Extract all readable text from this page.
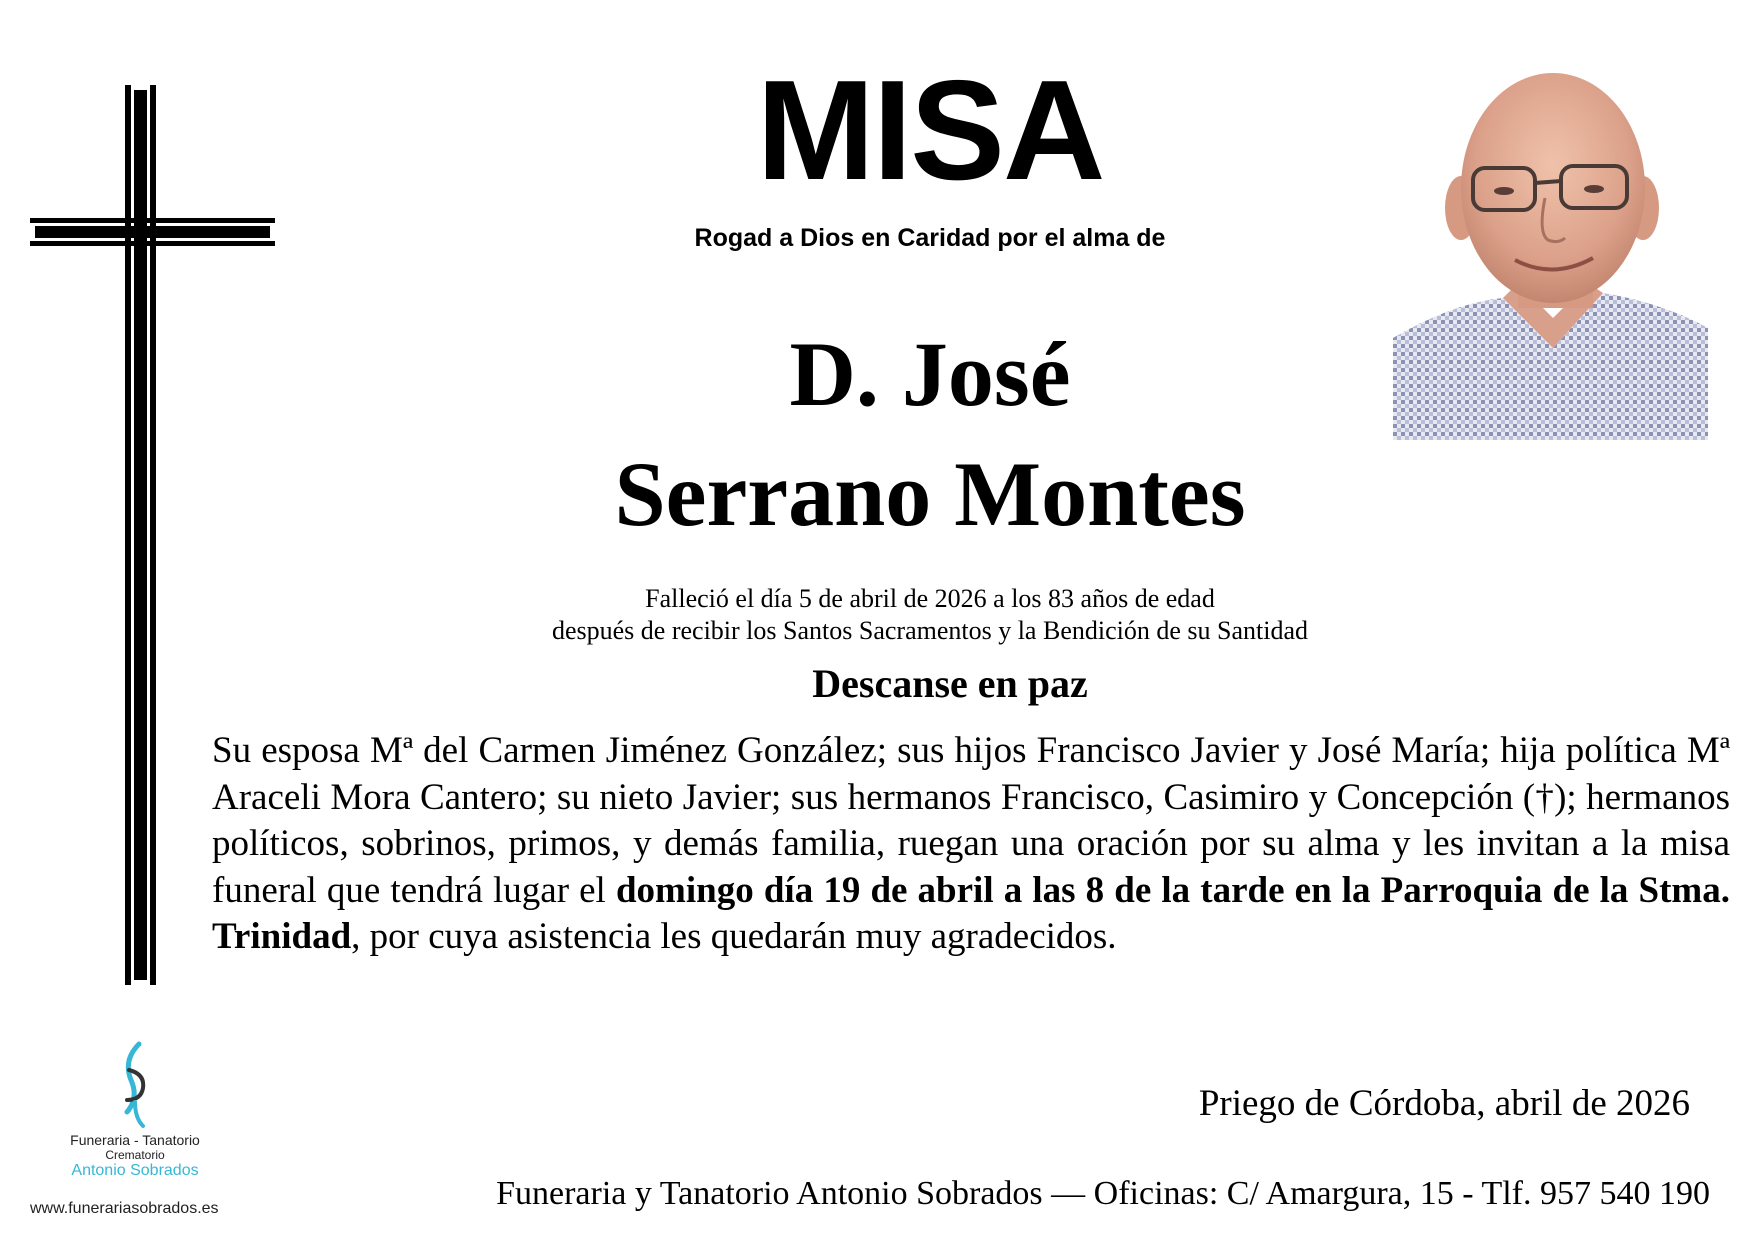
MISA
Rogad a Dios en Caridad por el alma de
D. José
Serrano Montes
Falleció el día 5 de abril de 2026 a los 83 años de edad
después de recibir los Santos Sacramentos y la Bendición de su Santidad
Descanse en paz
Su esposa Mª del Carmen Jiménez González; sus hijos Francisco Javier y José María; hija política Mª Araceli Mora Cantero; su nieto Javier; sus hermanos Francisco, Casimiro y Concepción (†); hermanos políticos, sobrinos, primos, y demás familia, ruegan una oración por su alma y les invitan a la misa funeral que tendrá lugar el domingo día 19 de abril a las 8 de la tarde en la Parroquia de la Stma. Trinidad, por cuya asistencia les quedarán muy agradecidos.
Priego de Córdoba, abril de 2026
Funeraria y Tanatorio Antonio Sobrados — Oficinas: C/ Amargura, 15 - Tlf. 957 540 190
Funeraria - Tanatorio
Crematorio
Antonio Sobrados
www.funerariasobrados.es
